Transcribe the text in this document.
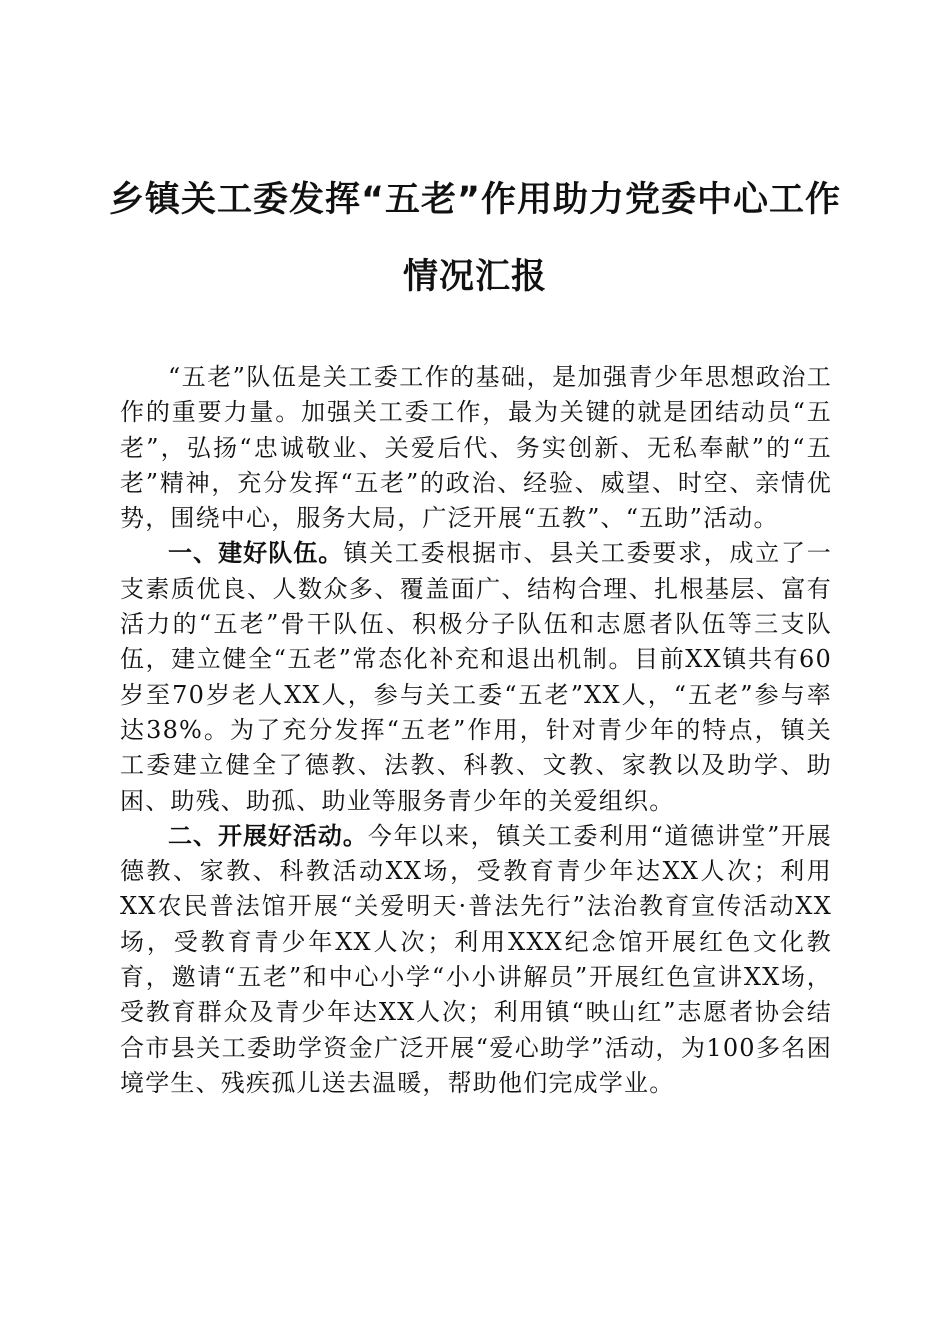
乡镇关工委发挥“五老”作用助力党委中心工作情况汇报

“五老”队伍是关工委工作的基础，是加强青少年思想政治工作的重要力量。加强关工委工作，最为关键的就是团结动员“五老”，弘扬“忠诚敬业、关爱后代、务实创新、无私奉献”的“五老”精神，充分发挥“五老”的政治、经验、威望、时空、亲情优势，围绕中心，服务大局，广泛开展“五教”、“五助”活动。

一、建好队伍。镇关工委根据市、县关工委要求，成立了一支素质优良、人数众多、覆盖面广、结构合理、扎根基层、富有活力的“五老”骨干队伍、积极分子队伍和志愿者队伍等三支队伍，建立健全“五老”常态化补充和退出机制。目前XX镇共有60岁至70岁老人XX人，参与关工委“五老”XX人，“五老”参与率达38%。为了充分发挥“五老”作用，针对青少年的特点，镇关工委建立健全了德教、法教、科教、文教、家教以及助学、助困、助残、助孤、助业等服务青少年的关爱组织。

二、开展好活动。今年以来，镇关工委利用“道德讲堂”开展德教、家教、科教活动XX场，受教育青少年达XX人次；利用XX农民普法馆开展“关爱明天·普法先行”法治教育宣传活动XX场，受教育青少年XX人次；利用XXX纪念馆开展红色文化教育，邀请“五老”和中心小学“小小讲解员”开展红色宣讲XX场，受教育群众及青少年达XX人次；利用镇“映山红”志愿者协会结合市县关工委助学资金广泛开展“爱心助学”活动，为100多名困境学生、残疾孤儿送去温暖，帮助他们完成学业。
